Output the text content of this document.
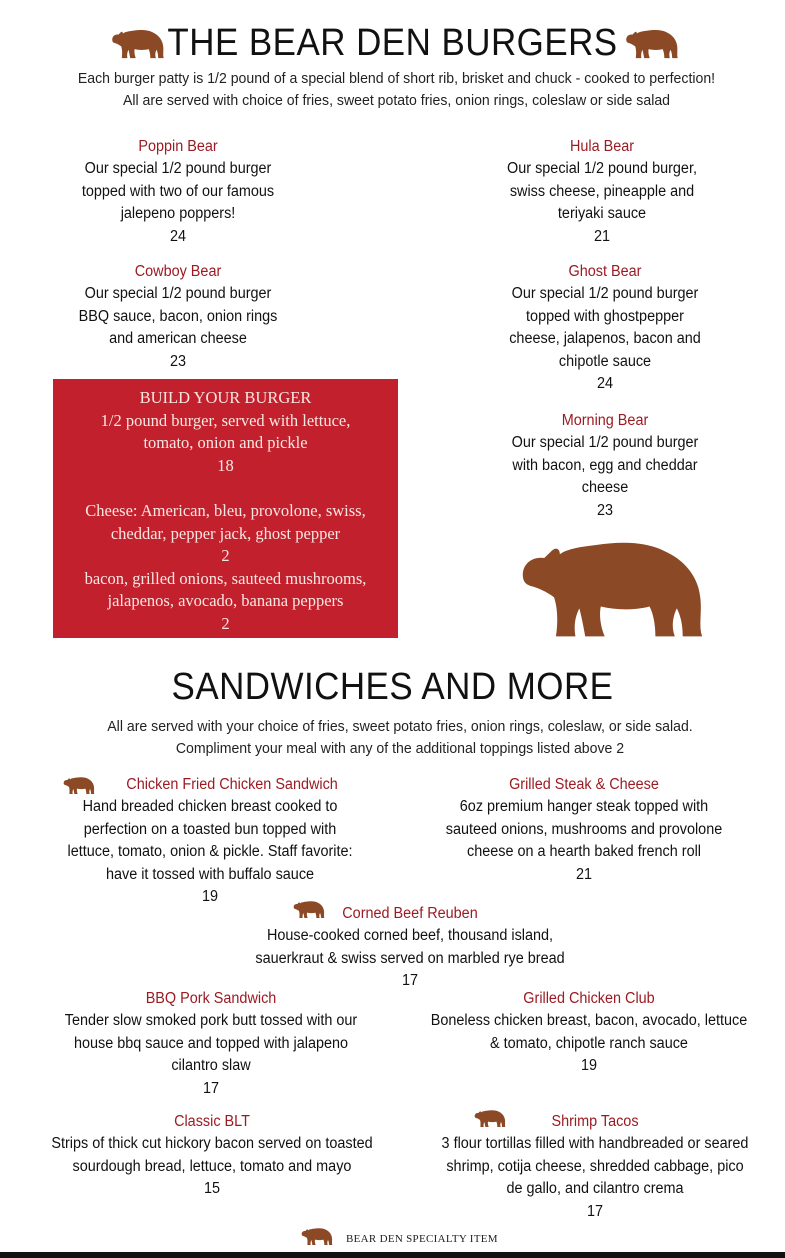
THE BEAR DEN BURGERS
Each burger patty is 1/2 pound of a special blend of short rib, brisket and chuck - cooked to perfection!
All are served with choice of fries, sweet potato fries, onion rings, coleslaw or side salad
Poppin Bear
Our special 1/2 pound burger
topped with two of our famous
jalepeno poppers!
24
Hula Bear
Our special 1/2 pound burger,
swiss cheese, pineapple and
teriyaki sauce
21
Cowboy Bear
Our special 1/2 pound burger
BBQ sauce, bacon, onion rings
and american cheese
23
Ghost Bear
Our special 1/2 pound burger
topped with ghostpepper
cheese, jalapenos, bacon and
chipotle sauce
24
BUILD YOUR BURGER
1/2 pound burger, served with lettuce,
tomato, onion and pickle
18
Cheese: American, bleu, provolone, swiss,
cheddar, pepper jack, ghost pepper
2
bacon, grilled onions, sauteed mushrooms,
jalapenos, avocado, banana peppers
2
Morning Bear
Our special 1/2 pound burger
with bacon, egg and cheddar
cheese
23
SANDWICHES AND MORE
All are served with your choice of fries, sweet potato fries, onion rings, coleslaw, or side salad.
Compliment your meal with any of the additional toppings listed above 2
Chicken Fried Chicken Sandwich
Hand breaded chicken breast cooked to
perfection on a toasted bun topped with
lettuce, tomato, onion & pickle. Staff favorite:
have it tossed with buffalo sauce
19
Grilled Steak & Cheese
6oz premium hanger steak topped with
sauteed onions, mushrooms and provolone
cheese on a hearth baked french roll
21
Corned Beef Reuben
House-cooked corned beef, thousand island,
sauerkraut & swiss served on marbled rye bread
17
BBQ Pork Sandwich
Tender slow smoked pork butt tossed with our
house bbq sauce and topped with jalapeno
cilantro slaw
17
Grilled Chicken Club
Boneless chicken breast, bacon, avocado, lettuce
& tomato, chipotle ranch sauce
19
Classic BLT
Strips of thick cut hickory bacon served on toasted
sourdough bread, lettuce, tomato and mayo
15
Shrimp Tacos
3 flour tortillas filled with handbreaded or seared
shrimp, cotija cheese, shredded cabbage, pico
de gallo, and cilantro crema
17
BEAR DEN SPECIALTY ITEM
